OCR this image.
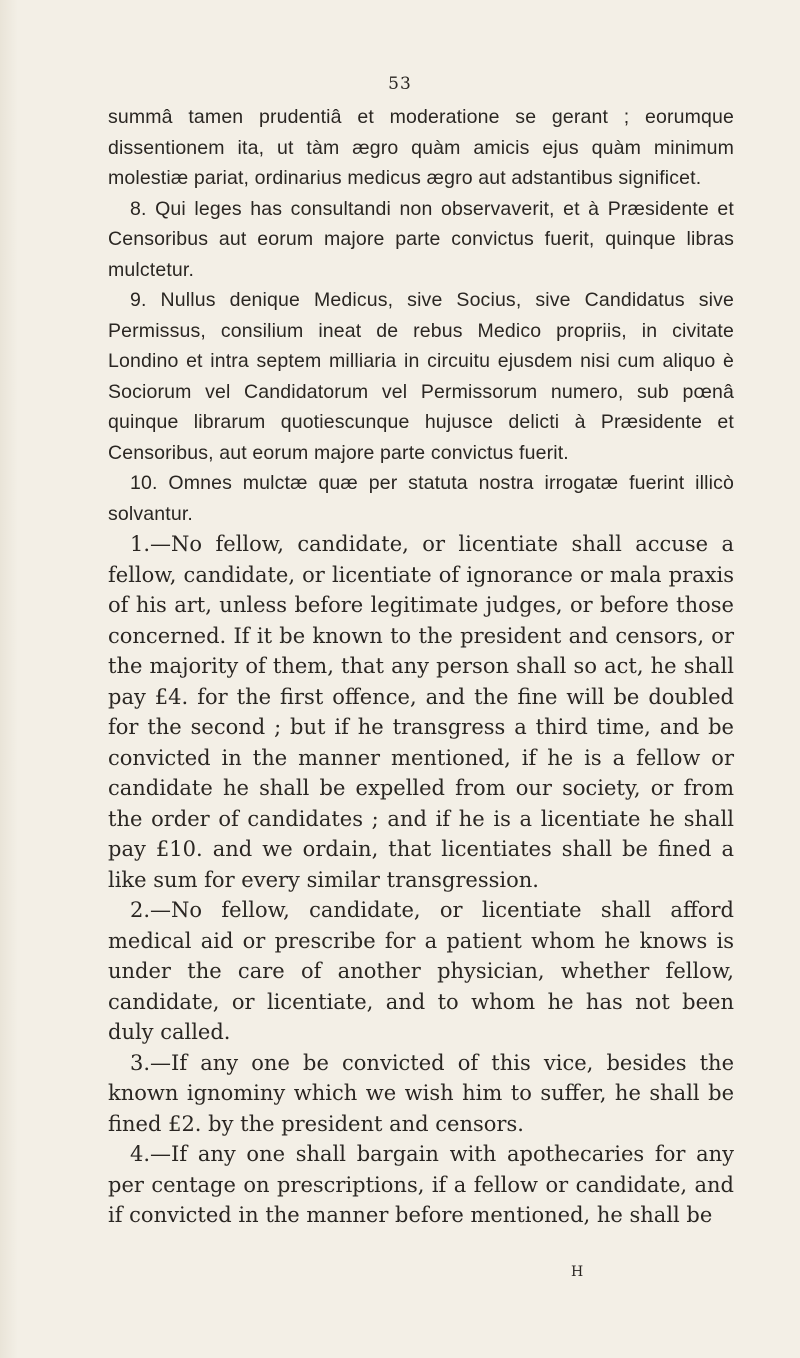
53

summâ tamen prudentiâ et moderatione se gerant ; eorumque dissentionem ita, ut tàm ægro quàm amicis ejus quàm minimum molestiæ pariat, ordinarius medicus ægro aut adstantibus significet.

8. Qui leges has consultandi non observaverit, et à Præsidente et Censoribus aut eorum majore parte convictus fuerit, quinque libras mulctetur.

9. Nullus denique Medicus, sive Socius, sive Candidatus sive Permissus, consilium ineat de rebus Medico propriis, in civitate Londino et intra septem milliaria in circuitu ejusdem nisi cum aliquo è Sociorum vel Candidatorum vel Permissorum numero, sub pœnâ quinque librarum quotiescunque hujusce delicti à Præsidente et Censoribus, aut eorum majore parte convictus fuerit.

10. Omnes mulctæ quæ per statuta nostra irrogatæ fuerint illicò solvantur.

1.—No fellow, candidate, or licentiate shall accuse a fellow, candidate, or licentiate of ignorance or mala praxis of his art, unless before legitimate judges, or before those concerned. If it be known to the president and censors, or the majority of them, that any person shall so act, he shall pay £4. for the first offence, and the fine will be doubled for the second ; but if he transgress a third time, and be convicted in the manner mentioned, if he is a fellow or candidate he shall be expelled from our society, or from the order of candidates ; and if he is a licentiate he shall pay £10. and we ordain, that licentiates shall be fined a like sum for every similar transgression.

2.—No fellow, candidate, or licentiate shall afford medical aid or prescribe for a patient whom he knows is under the care of another physician, whether fellow, candidate, or licentiate, and to whom he has not been duly called.

3.—If any one be convicted of this vice, besides the known ignominy which we wish him to suffer, he shall be fined £2. by the president and censors.

4.—If any one shall bargain with apothecaries for any per centage on prescriptions, if a fellow or candidate, and if convicted in the manner before mentioned, he shall be

H
